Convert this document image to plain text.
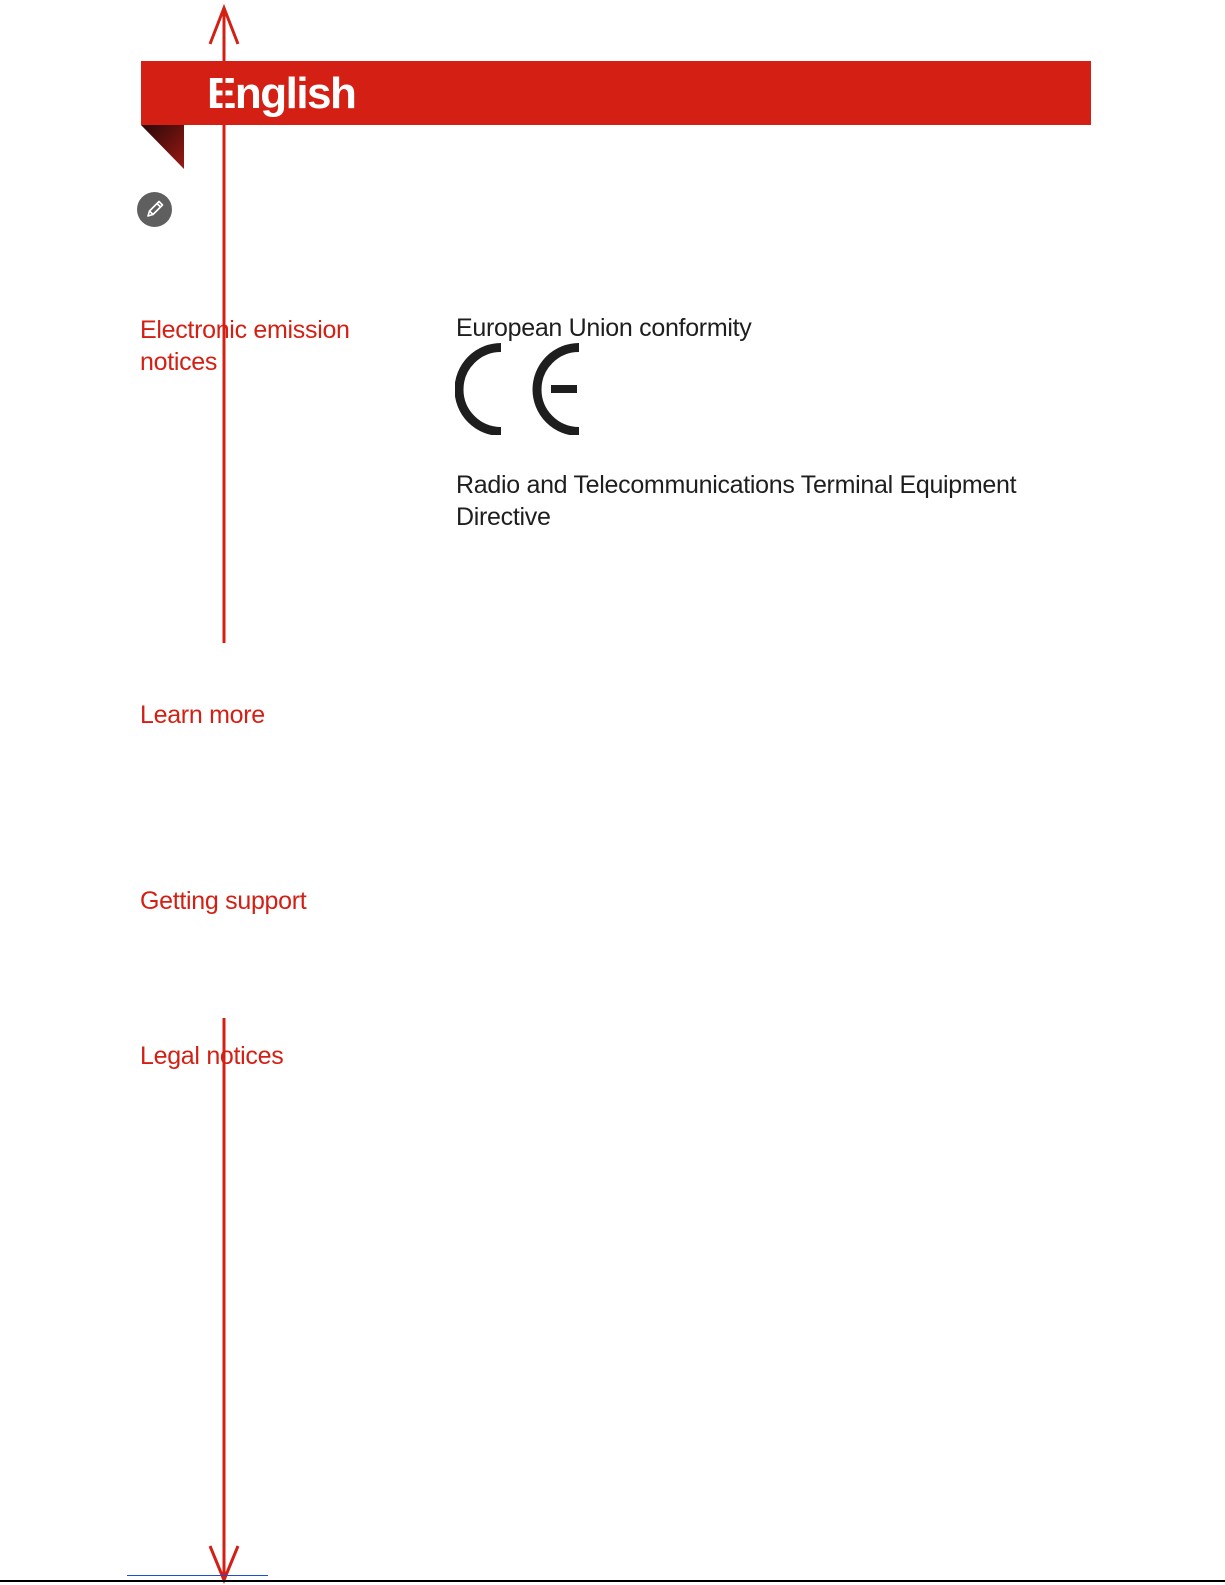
English
Electronic emission notices
European Union conformity
Radio and Telecommunications Terminal Equipment Directive
Learn more
Getting support
Legal notices
